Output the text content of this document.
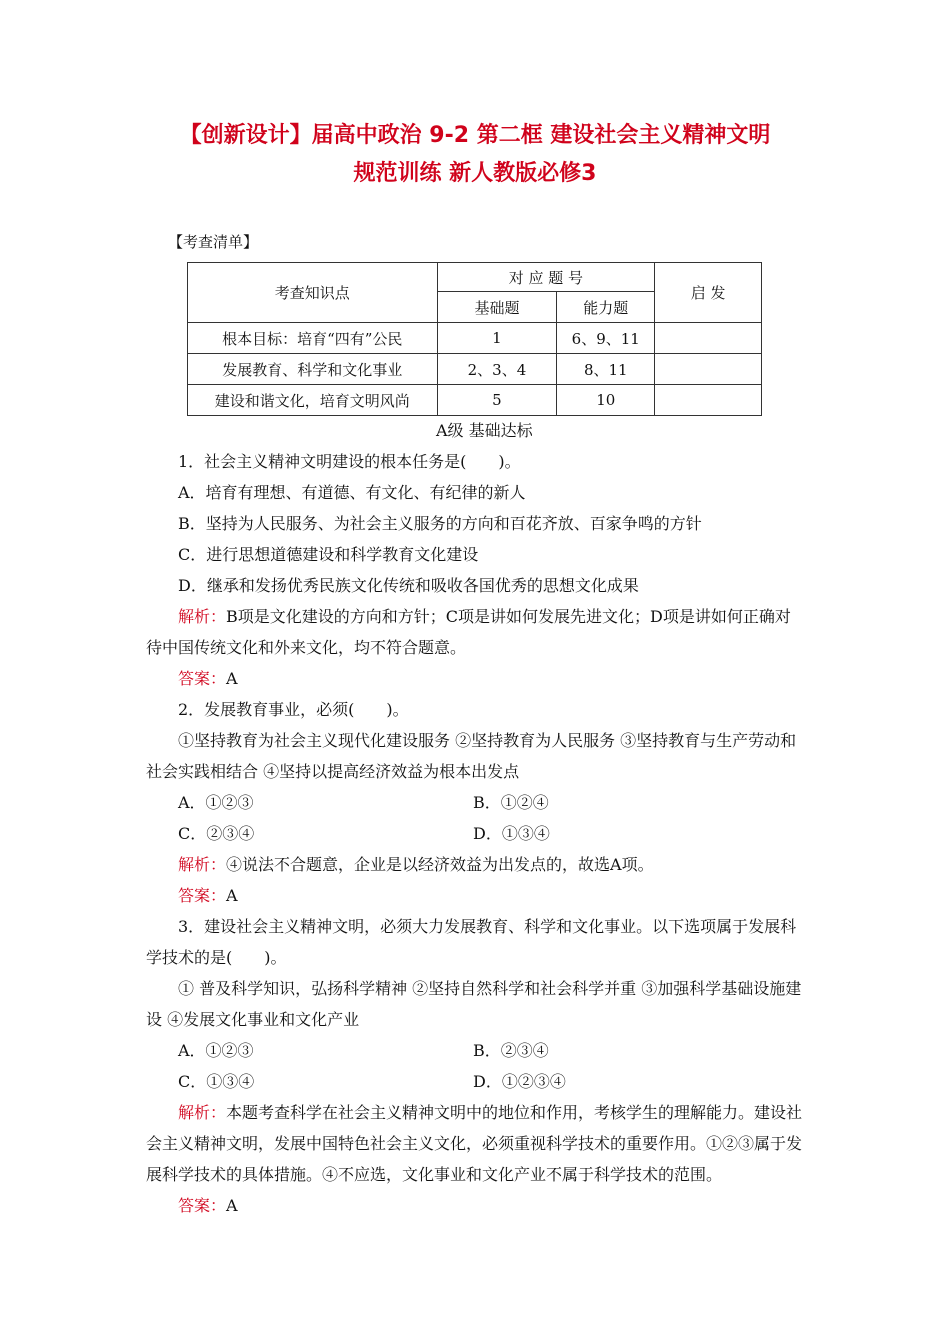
【创新设计】届高中政治 9-2 第二框 建设社会主义精神文明
规范训练 新人教版必修3
【考查清单】
考查知识点	对 应 题 号		启 发
	基础题	能力题	
根本目标：培育“四有”公民	1	6、9、11	
发展教育、科学和文化事业	2、3、4	8、11	
建设和谐文化，培育文明风尚	5	10	
A级 基础达标
1．社会主义精神文明建设的根本任务是(　　)。
A．培育有理想、有道德、有文化、有纪律的新人
B．坚持为人民服务、为社会主义服务的方向和百花齐放、百家争鸣的方针
C．进行思想道德建设和科学教育文化建设
D．继承和发扬优秀民族文化传统和吸收各国优秀的思想文化成果
解析：B项是文化建设的方向和方针；C项是讲如何发展先进文化；D项是讲如何正确对待中国传统文化和外来文化，均不符合题意。
答案：A
2．发展教育事业，必须(　　)。
①坚持教育为社会主义现代化建设服务 ②坚持教育为人民服务 ③坚持教育与生产劳动和社会实践相结合 ④坚持以提高经济效益为根本出发点
A．①②③	B．①②④
C．②③④	D．①③④
解析：④说法不合题意，企业是以经济效益为出发点的，故选A项。
答案：A
3．建设社会主义精神文明，必须大力发展教育、科学和文化事业。以下选项属于发展科学技术的是(　　)。
① 普及科学知识，弘扬科学精神 ②坚持自然科学和社会科学并重 ③加强科学基础设施建设 ④发展文化事业和文化产业
A．①②③	B．②③④
C．①③④	D．①②③④
解析：本题考查科学在社会主义精神文明中的地位和作用，考核学生的理解能力。建设社会主义精神文明，发展中国特色社会主义文化，必须重视科学技术的重要作用。①②③属于发展科学技术的具体措施。④不应选，文化事业和文化产业不属于科学技术的范围。
答案：A
